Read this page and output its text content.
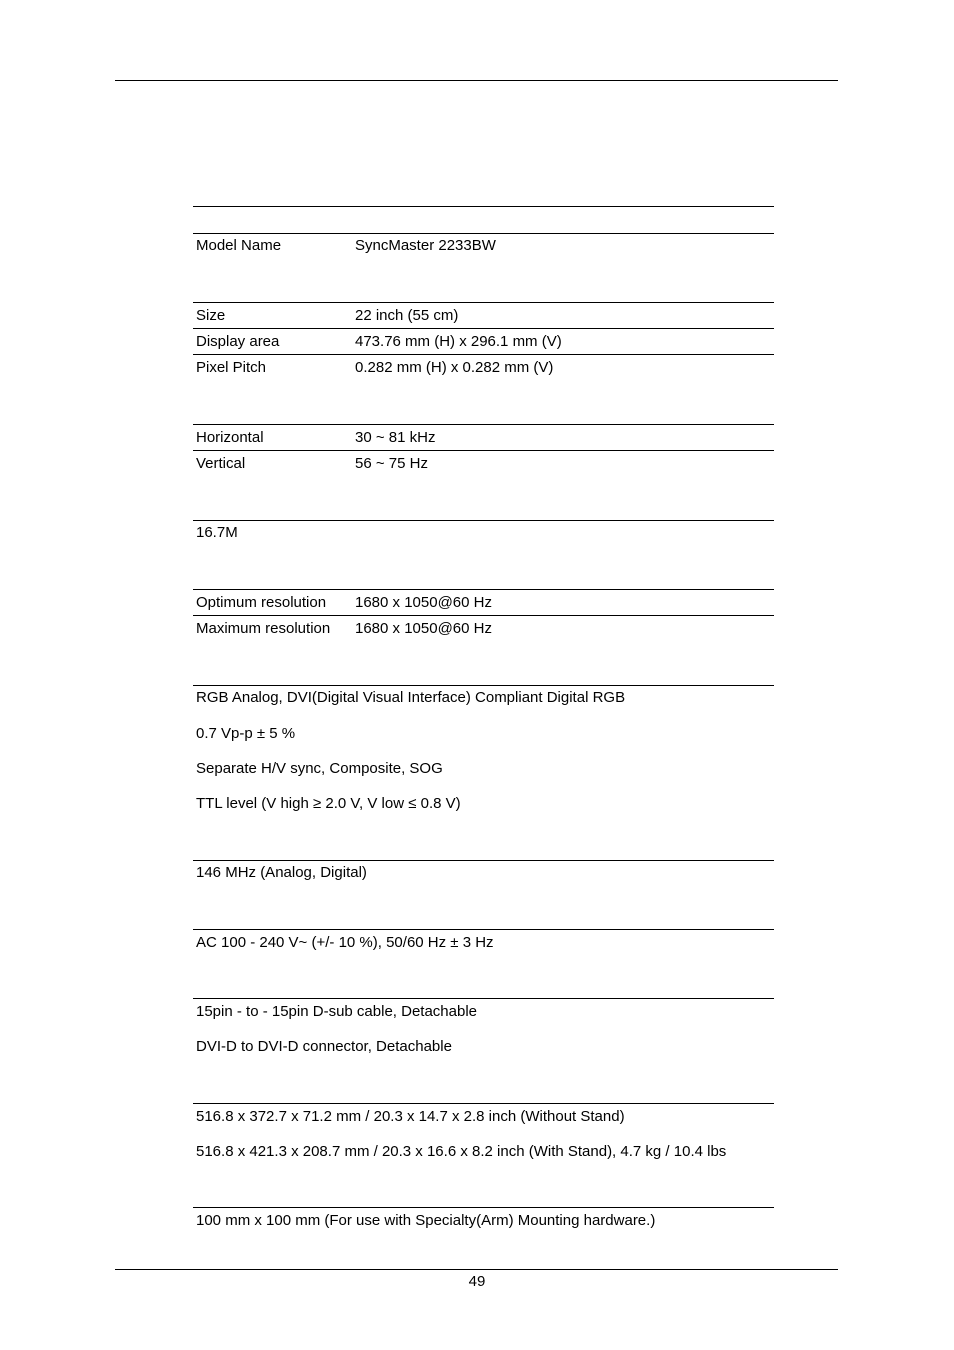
Model Name	SyncMaster 2233BW
Size	22 inch (55 cm)
Display area	473.76 mm (H) x 296.1 mm (V)
Pixel Pitch	0.282 mm (H) x 0.282 mm (V)
Horizontal	30 ~ 81 kHz
Vertical	56 ~ 75 Hz
16.7M
Optimum resolution 1680 x 1050@60 Hz
Maximum resolution 1680 x 1050@60 Hz
RGB Analog, DVI(Digital Visual Interface) Compliant Digital RGB
0.7 Vp-p ± 5 %
Separate H/V sync, Composite, SOG
TTL level (V high ≥ 2.0 V, V low ≤ 0.8 V)
146 MHz (Analog, Digital)
AC 100 - 240 V~ (+/- 10 %), 50/60 Hz ± 3 Hz
15pin - to - 15pin D-sub cable, Detachable
DVI-D to DVI-D connector, Detachable
516.8 x 372.7 x 71.2 mm / 20.3 x 14.7 x 2.8 inch (Without Stand)
516.8 x 421.3 x 208.7 mm / 20.3 x 16.6 x 8.2 inch (With Stand), 4.7 kg / 10.4 lbs
100 mm x 100 mm (For use with Specialty(Arm) Mounting hardware.)
49
